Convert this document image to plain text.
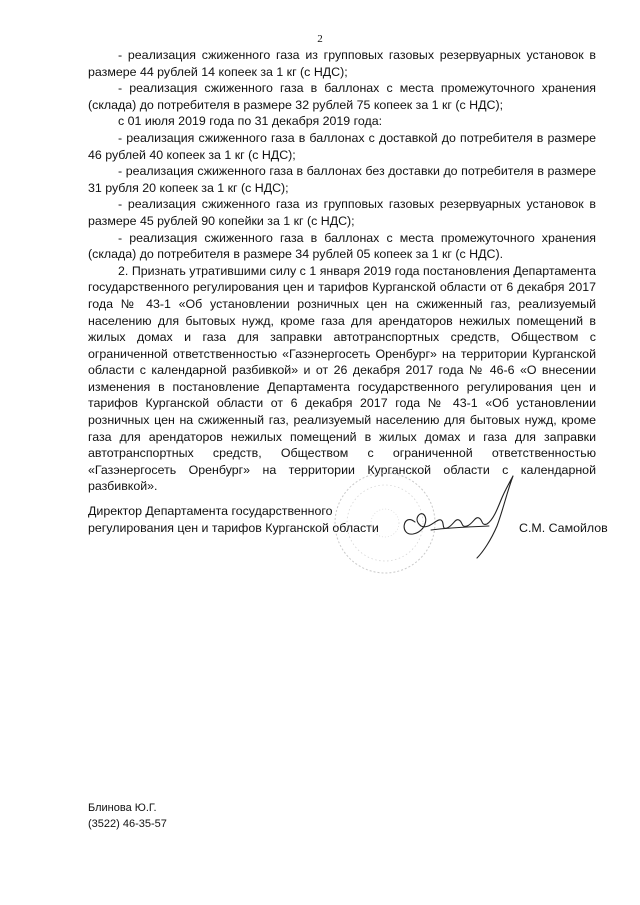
2

- реализация сжиженного газа из групповых газовых резервуарных установок в размере 44 рублей 14 копеек за 1 кг (с НДС);

- реализация сжиженного газа в баллонах с места промежуточного хранения (склада) до потребителя в размере 32 рублей 75 копеек за 1 кг (с НДС);

с 01 июля 2019 года по 31 декабря 2019 года:

- реализация сжиженного газа в баллонах с доставкой до потребителя в размере 46 рублей 40 копеек за 1 кг (с НДС);

- реализация сжиженного газа в баллонах без доставки до потребителя в размере 31 рубля 20 копеек за 1 кг (с НДС);

- реализация сжиженного газа из групповых газовых резервуарных установок в размере 45 рублей 90 копейки за 1 кг (с НДС);

- реализация сжиженного газа в баллонах с места промежуточного хранения (склада) до потребителя в размере 34 рублей 05 копеек за 1 кг (с НДС).

2. Признать утратившими силу с 1 января 2019 года постановления Департамента государственного регулирования цен и тарифов Курганской области от 6 декабря 2017 года № 43-1 «Об установлении розничных цен на сжиженный газ, реализуемый населению для бытовых нужд, кроме газа для арендаторов нежилых помещений в жилых домах и газа для заправки автотранспортных средств, Обществом с ограниченной ответственностью «Газэнергосеть Оренбург» на территории Курганской области с календарной разбивкой» и от 26 декабря 2017 года № 46-6 «О внесении изменения в постановление Департамента государственного регулирования цен и тарифов Курганской области от 6 декабря 2017 года № 43-1 «Об установлении розничных цен на сжиженный газ, реализуемый населению для бытовых нужд, кроме газа для арендаторов нежилых помещений в жилых домах и газа для заправки автотранспортных средств, Обществом с ограниченной ответственностью «Газэнергосеть Оренбург» на территории Курганской области с календарной разбивкой».

Директор Департамента государственного регулирования цен и тарифов Курганской области	С.М. Самойлов
Блинова Ю.Г.
(3522) 46-35-57
